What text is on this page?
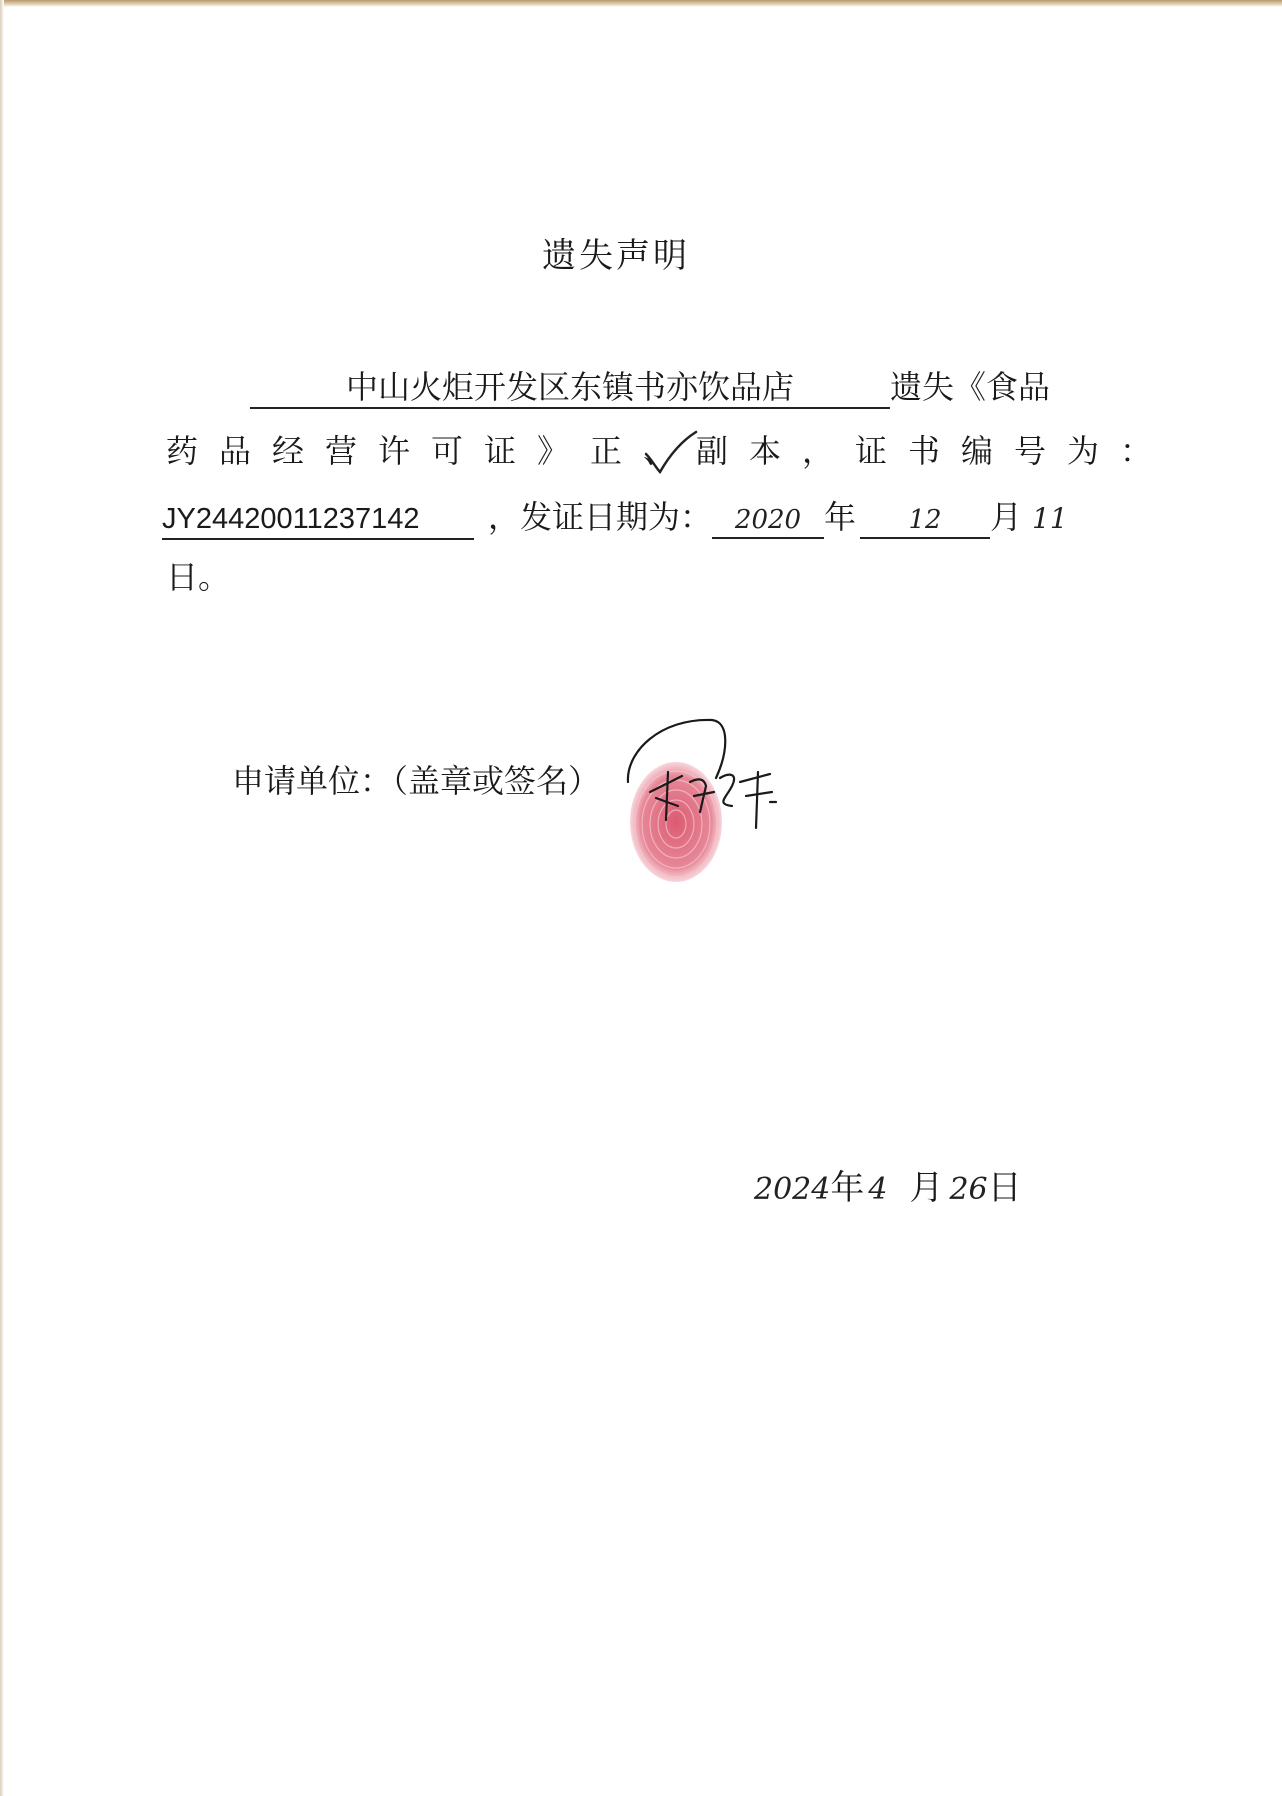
遗失声明
中山火炬开发区东镇书亦饮品店	遗失《食品
药品经营许可证》正、副本，证书编号为：
JY24420011237142 ，发证日期为： 2020 年 12 月 11
日。
申请单位：（盖章或签名）
2024年 4 月 26日
